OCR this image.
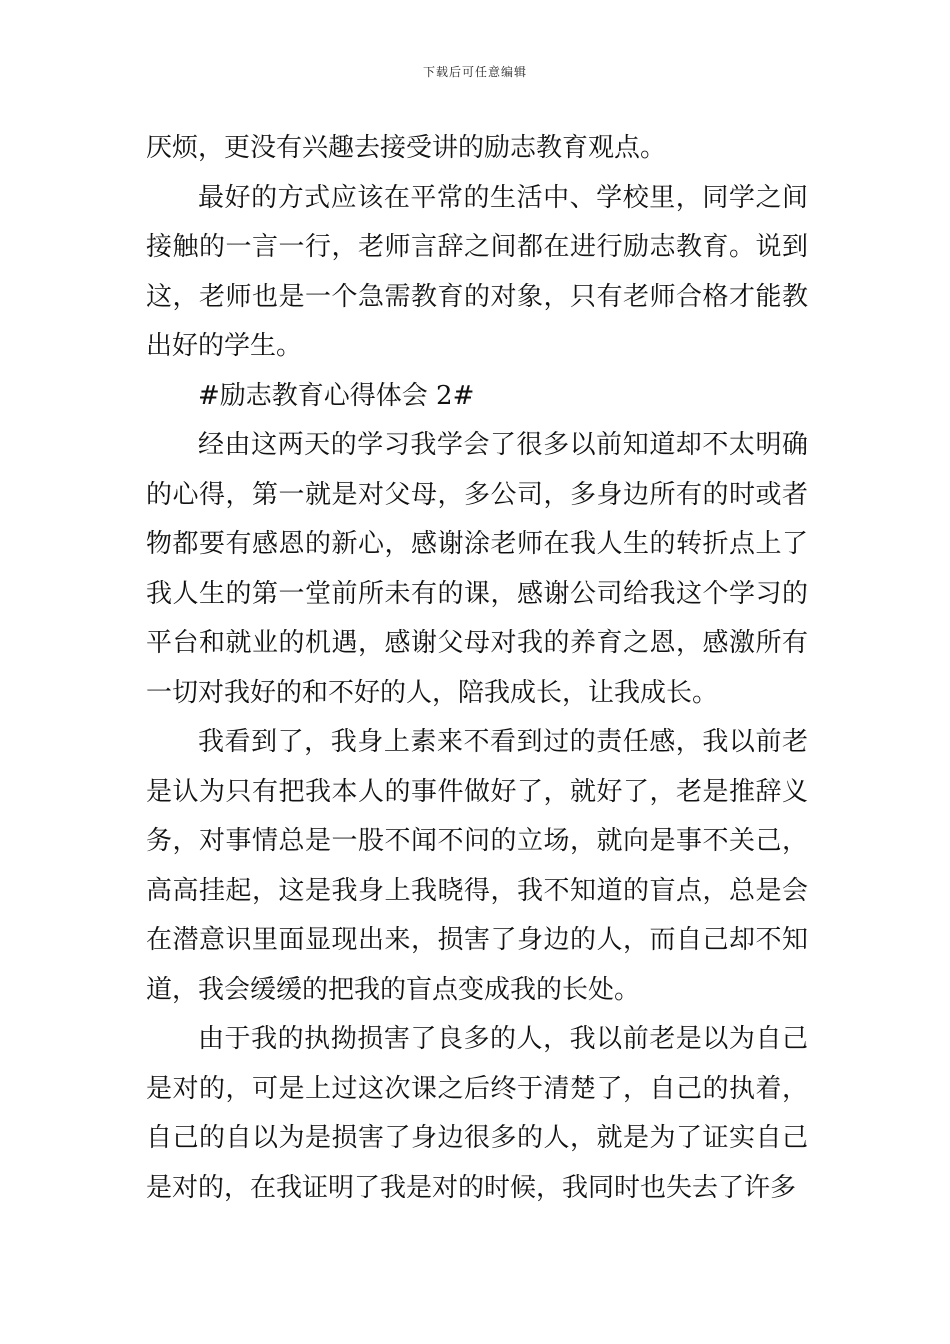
下载后可任意编辑

厌烦，更没有兴趣去接受讲的励志教育观点。

最好的方式应该在平常的生活中、学校里，同学之间接触的一言一行，老师言辞之间都在进行励志教育。说到这，老师也是一个急需教育的对象，只有老师合格才能教出好的学生。

#励志教育心得体会 2#

经由这两天的学习我学会了很多以前知道却不太明确的心得，第一就是对父母，多公司，多身边所有的时或者物都要有感恩的新心，感谢涂老师在我人生的转折点上了我人生的第一堂前所未有的课，感谢公司给我这个学习的平台和就业的机遇，感谢父母对我的养育之恩，感激所有一切对我好的和不好的人，陪我成长，让我成长。

我看到了，我身上素来不看到过的责任感，我以前老是认为只有把我本人的事件做好了，就好了，老是推辞义务，对事情总是一股不闻不问的立场，就向是事不关己，高高挂起，这是我身上我晓得，我不知道的盲点，总是会在潜意识里面显现出来，损害了身边的人，而自己却不知道，我会缓缓的把我的盲点变成我的长处。

由于我的执拗损害了良多的人，我以前老是以为自己是对的，可是上过这次课之后终于清楚了，自己的执着，自己的自以为是损害了身边很多的人，就是为了证实自己是对的，在我证明了我是对的时候，我同时也失去了许多
